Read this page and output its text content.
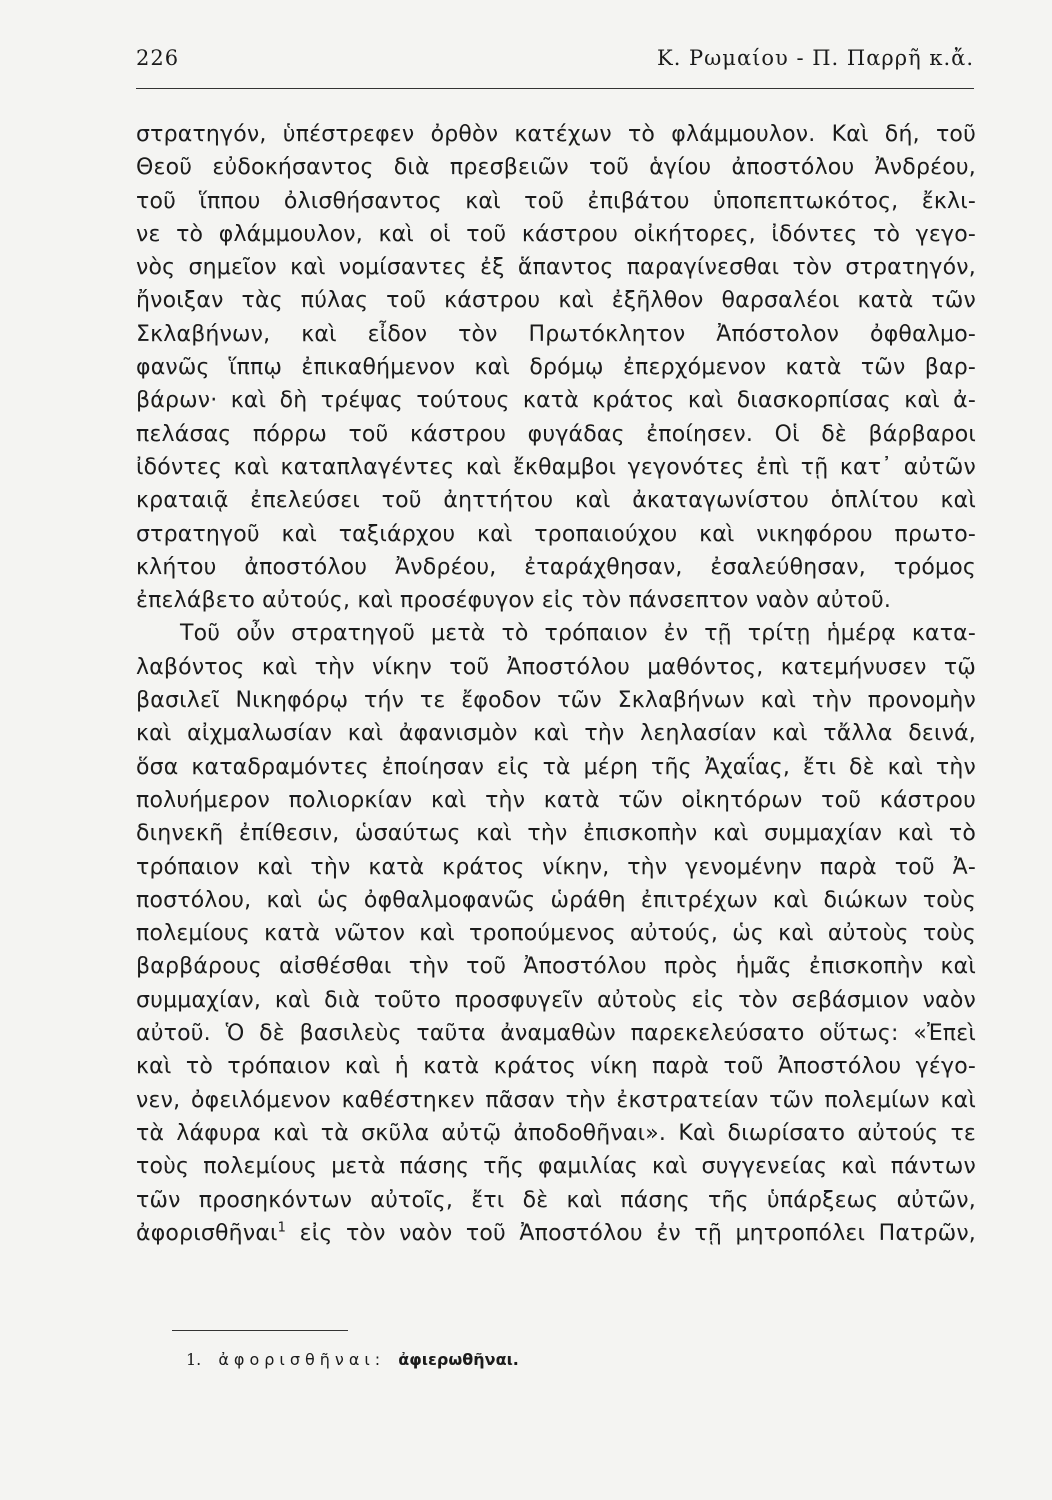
226	Κ. Ρωμαίου - Π. Παρρῆ κ.ἄ.
στρατηγόν, ὑπέστρεφεν ὀρθὸν κατέχων τὸ φλάμμουλον. Καὶ δή, τοῦ
Θεοῦ εὐδοκήσαντος διὰ πρεσβειῶν τοῦ ἁγίου ἀποστόλου Ἀνδρέου,
τοῦ ἵππου ὀλισθήσαντος καὶ τοῦ ἐπιβάτου ὑποπεπτωκότος, ἔκλι-
νε τὸ φλάμμουλον, καὶ οἱ τοῦ κάστρου οἰκήτορες, ἰδόντες τὸ γεγο-
νὸς σημεῖον καὶ νομίσαντες ἐξ ἅπαντος παραγίνεσθαι τὸν στρατηγόν,
ἤνοιξαν τὰς πύλας τοῦ κάστρου καὶ ἐξῆλθον θαρσαλέοι κατὰ τῶν
Σκλαβήνων, καὶ εἶδον τὸν Πρωτόκλητον Ἀπόστολον ὀφθαλμο-
φανῶς ἵππῳ ἐπικαθήμενον καὶ δρόμῳ ἐπερχόμενον κατὰ τῶν βαρ-
βάρων· καὶ δὴ τρέψας τούτους κατὰ κράτος καὶ διασκορπίσας καὶ ἀ-
πελάσας πόρρω τοῦ κάστρου φυγάδας ἐποίησεν. Οἱ δὲ βάρβαροι
ἰδόντες καὶ καταπλαγέντες καὶ ἔκθαμβοι γεγονότες ἐπὶ τῇ κατ᾽ αὐτῶν
κραταιᾷ ἐπελεύσει τοῦ ἀηττήτου καὶ ἀκαταγωνίστου ὁπλίτου καὶ
στρατηγοῦ καὶ ταξιάρχου καὶ τροπαιούχου καὶ νικηφόρου πρωτο-
κλήτου ἀποστόλου Ἀνδρέου, ἐταράχθησαν, ἐσαλεύθησαν, τρόμος
ἐπελάβετο αὐτούς, καὶ προσέφυγον εἰς τὸν πάνσεπτον ναὸν αὐτοῦ.
Τοῦ οὖν στρατηγοῦ μετὰ τὸ τρόπαιον ἐν τῇ τρίτῃ ἡμέρᾳ κατα-
λαβόντος καὶ τὴν νίκην τοῦ Ἀποστόλου μαθόντος, κατεμήνυσεν τῷ
βασιλεῖ Νικηφόρῳ τήν τε ἔφοδον τῶν Σκλαβήνων καὶ τὴν προνομὴν
καὶ αἰχμαλωσίαν καὶ ἀφανισμὸν καὶ τὴν λεηλασίαν καὶ τἄλλα δεινά,
ὅσα καταδραμόντες ἐποίησαν εἰς τὰ μέρη τῆς Ἀχαΐας, ἔτι δὲ καὶ τὴν
πολυήμερον πολιορκίαν καὶ τὴν κατὰ τῶν οἰκητόρων τοῦ κάστρου
διηνεκῆ ἐπίθεσιν, ὡσαύτως καὶ τὴν ἐπισκοπὴν καὶ συμμαχίαν καὶ τὸ
τρόπαιον καὶ τὴν κατὰ κράτος νίκην, τὴν γενομένην παρὰ τοῦ Ἀ-
ποστόλου, καὶ ὡς ὀφθαλμοφανῶς ὡράθη ἐπιτρέχων καὶ διώκων τοὺς
πολεμίους κατὰ νῶτον καὶ τροπούμενος αὐτούς, ὡς καὶ αὐτοὺς τοὺς
βαρβάρους αἰσθέσθαι τὴν τοῦ Ἀποστόλου πρὸς ἡμᾶς ἐπισκοπὴν καὶ
συμμαχίαν, καὶ διὰ τοῦτο προσφυγεῖν αὐτοὺς εἰς τὸν σεβάσμιον ναὸν
αὐτοῦ. Ὁ δὲ βασιλεὺς ταῦτα ἀναμαθὼν παρεκελεύσατο οὕτως: «Ἐπεὶ
καὶ τὸ τρόπαιον καὶ ἡ κατὰ κράτος νίκη παρὰ τοῦ Ἀποστόλου γέγο-
νεν, ὀφειλόμενον καθέστηκεν πᾶσαν τὴν ἐκστρατείαν τῶν πολεμίων καὶ
τὰ λάφυρα καὶ τὰ σκῦλα αὐτῷ ἀποδοθῆναι». Καὶ διωρίσατο αὐτούς τε
τοὺς πολεμίους μετὰ πάσης τῆς φαμιλίας καὶ συγγενείας καὶ πάντων
τῶν προσηκόντων αὐτοῖς, ἔτι δὲ καὶ πάσης τῆς ὑπάρξεως αὐτῶν,
ἀφορισθῆναι$^1$ εἰς τὸν ναὸν τοῦ Ἀποστόλου ἐν τῇ μητροπόλει Πατρῶν,
1. ἀφορισθῆναι: ἀφιερωθῆναι.
